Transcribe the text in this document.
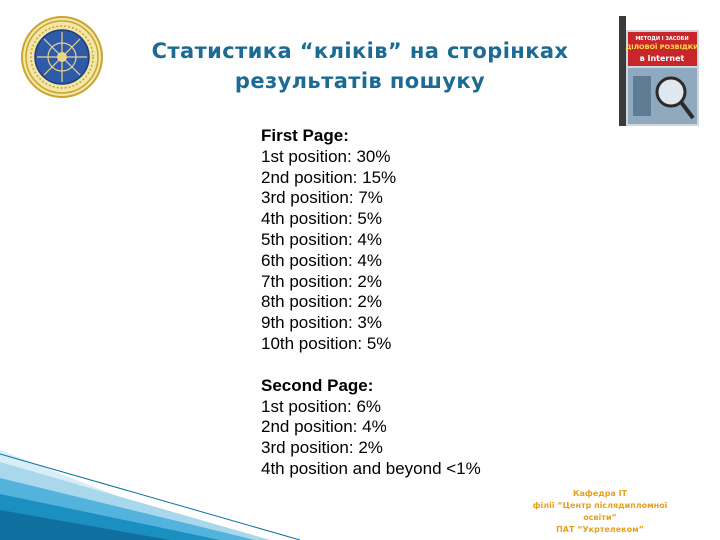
МЕТОДИ І ЗАСОБИ
ДІЛОВОЇ РОЗВІДКИ
в Internet
Статистика “кліків” на сторінках
результатів пошуку
First Page:
1st position: 30%
2nd position: 15%
3rd position: 7%
4th position: 5%
5th position: 4%
6th position: 4%
7th position: 2%
8th position: 2%
9th position: 3%
10th position: 5%
Second Page:
1st position: 6%
2nd position: 4%
3rd position: 2%
4th position and beyond <1%
Кафедра ІТ
філії “Центр післядипломної
освіти”
ПАТ “Укртелеком”
